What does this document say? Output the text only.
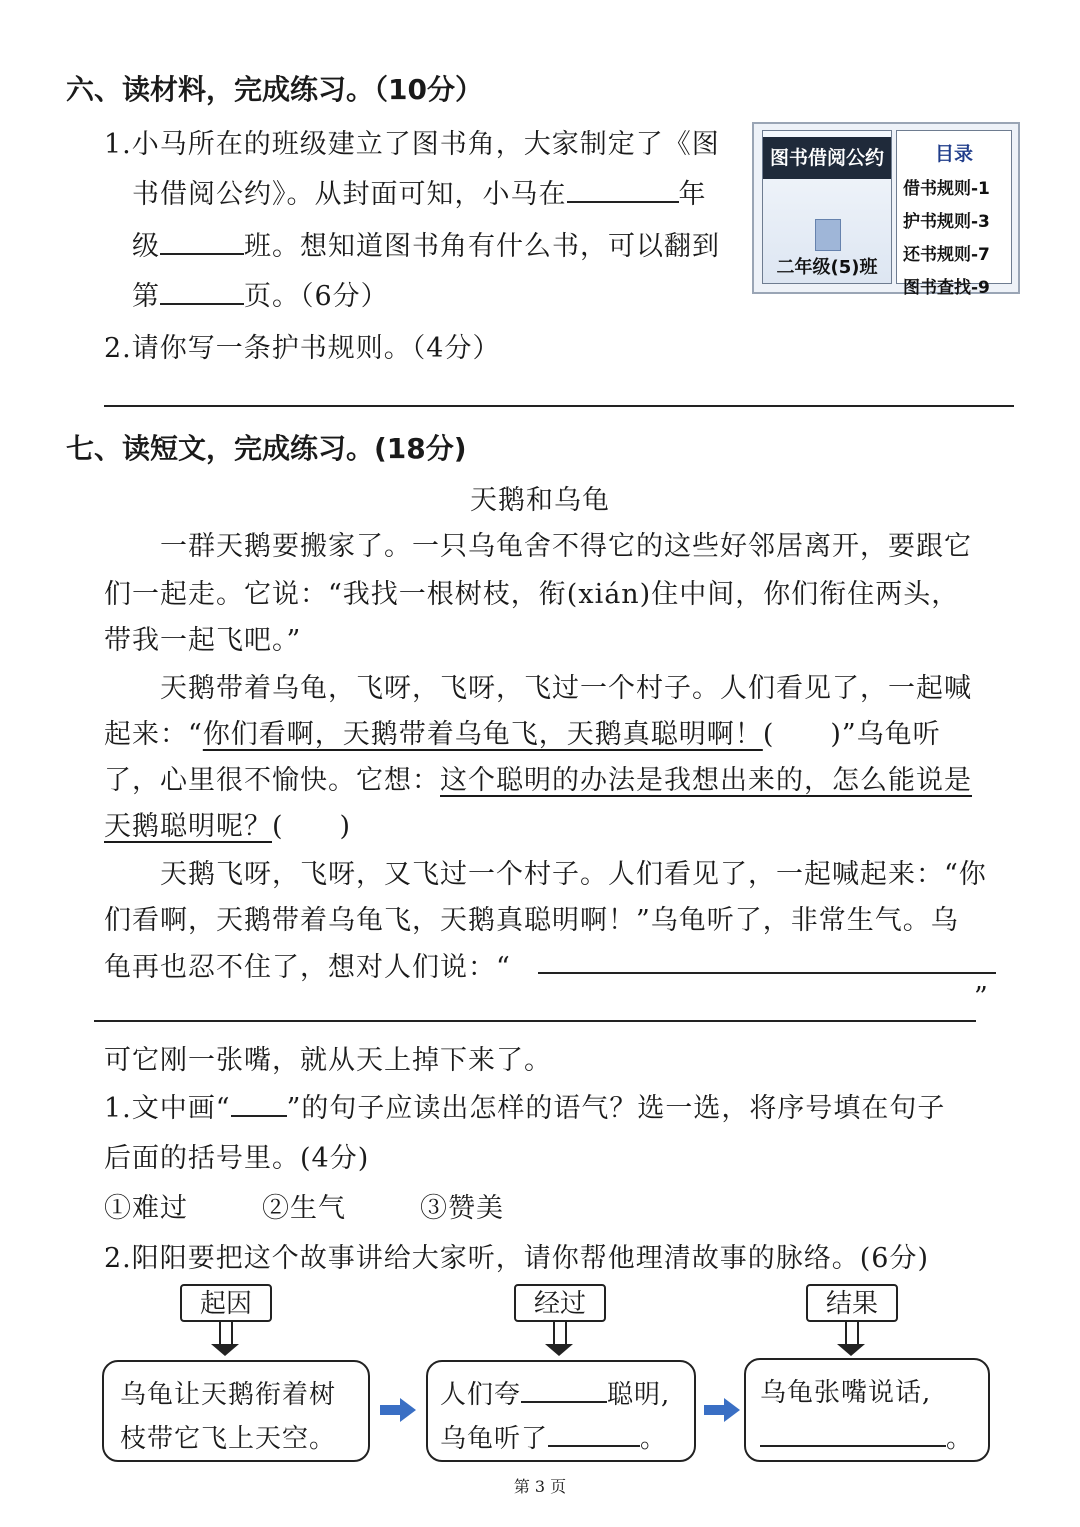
六、读材料，完成练习。（10分）
1.小马所在的班级建立了图书角，大家制定了《图
书借阅公约》。从封面可知，小马在	年
级	班。想知道图书角有什么书，可以翻到
第	页。（6分）
2.请你写一条护书规则。（4分）
图书借阅公约
二年级(5)班
目录
借书规则-1
护书规则-3
还书规则-7
图书查找-9
七、读短文，完成练习。(18分)
天鹅和乌龟
一群天鹅要搬家了。一只乌龟舍不得它的这些好邻居离开，要跟它
们一起走。它说：“我找一根树枝，衔(xián)住中间，你们衔住两头，
带我一起飞吧。”
天鹅带着乌龟，飞呀，飞呀，飞过一个村子。人们看见了，一起喊
起来：“你们看啊，天鹅带着乌龟飞，天鹅真聪明啊！(　　)”乌龟听
了，心里很不愉快。它想：这个聪明的办法是我想出来的，怎么能说是
天鹅聪明呢？(　　)
天鹅飞呀，飞呀，又飞过一个村子。人们看见了，一起喊起来：“你
们看啊，天鹅带着乌龟飞，天鹅真聪明啊！”乌龟听了，非常生气。乌
龟再也忍不住了，想对人们说：“
”
可它刚一张嘴，就从天上掉下来了。
1.文中画“ ”的句子应读出怎样的语气？选一选，将序号填在句子
后面的括号里。(4分)
①难过	②生气	③赞美
2.阳阳要把这个故事讲给大家听，请你帮他理清故事的脉络。(6分)
起因	经过	结果
乌龟让天鹅衔着树
枝带它飞上天空。
人们夸	聪明,
乌龟听了	。
乌龟张嘴说话,
。
第 3 页
